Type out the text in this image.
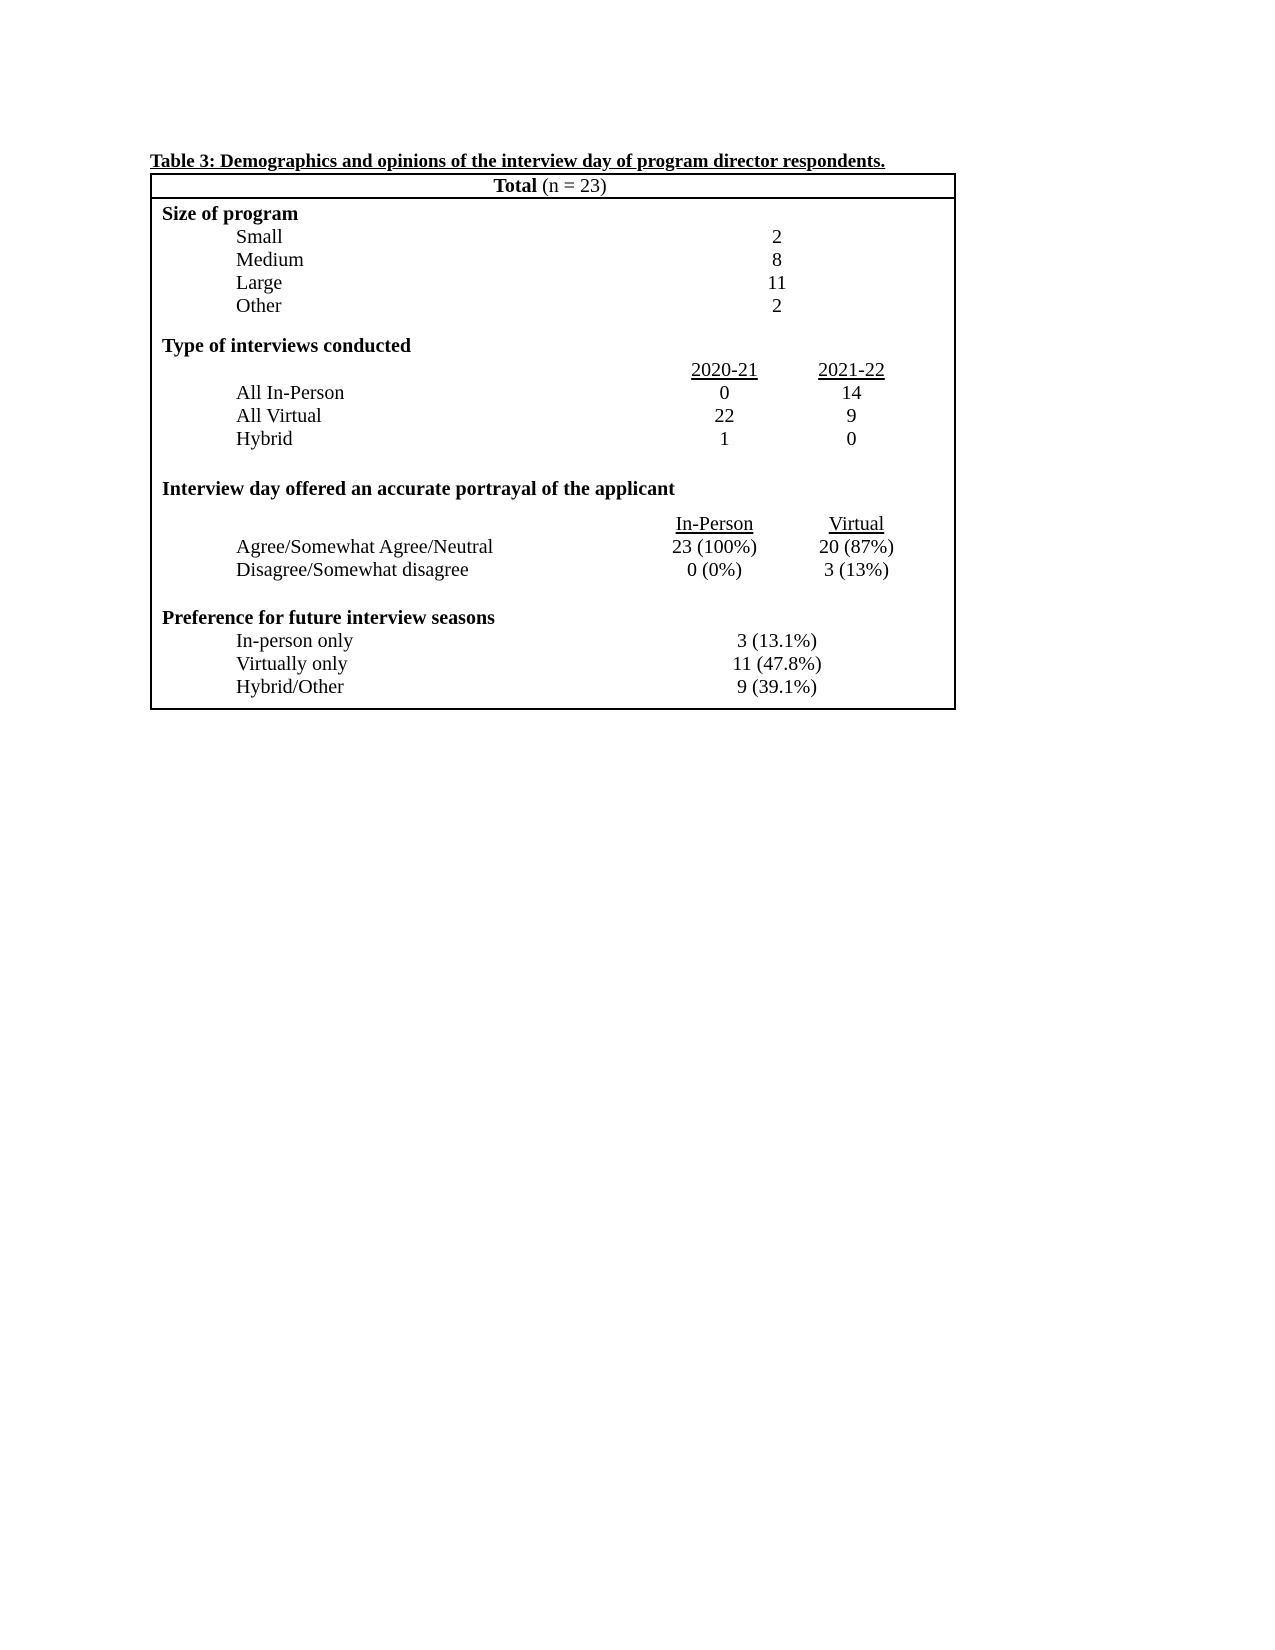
Table 3: Demographics and opinions of the interview day of program director respondents.
Total (n = 23)
Size of program
Small	2
Medium	8
Large	11
Other	2
Type of interviews conducted
2020-21	2021-22
All In-Person	0	14
All Virtual	22	9
Hybrid	1	0
Interview day offered an accurate portrayal of the applicant
In-Person	Virtual
Agree/Somewhat Agree/Neutral	23 (100%)	20 (87%)
Disagree/Somewhat disagree	0 (0%)	3 (13%)
Preference for future interview seasons
In-person only	3 (13.1%)
Virtually only	11 (47.8%)
Hybrid/Other	9 (39.1%)
